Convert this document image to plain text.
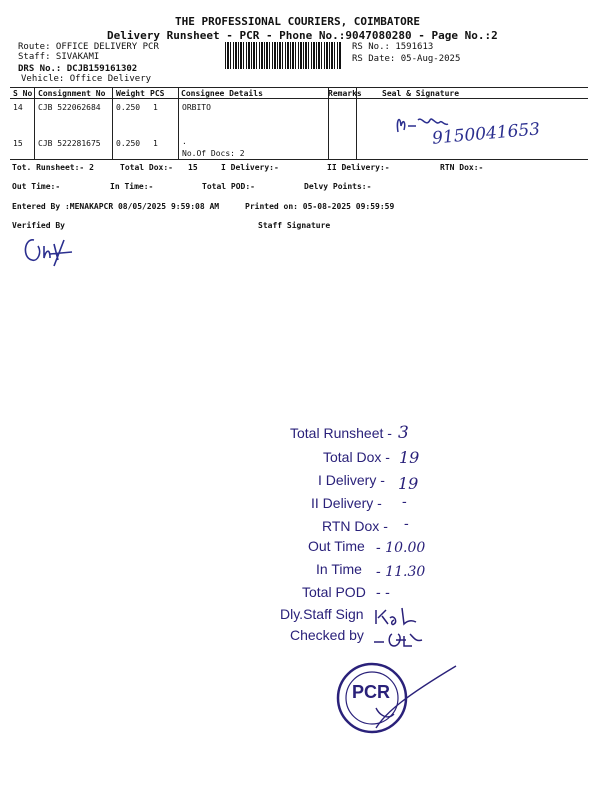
THE PROFESSIONAL COURIERS, COIMBATORE
Delivery Runsheet - PCR - Phone No.:9047080280 - Page No.:2
Route: OFFICE DELIVERY PCR
Staff: SIVAKAMI
DRS No.: DCJB159161302
Vehicle: Office Delivery
RS No.: 1591613
RS Date: 05-Aug-2025
S No Consignment No Weight PCS Consignee Details	Remarks	Seal & Signature
14 CJB 522062684 0.250 1	ORBITO
15 CJB 522281675 0.250 1	.
No.Of Docs: 2
9150041653
Tot. Runsheet:- 2	Total Dox:- 15	I Delivery:-	II Delivery:-	RTN Dox:-
Out Time:-	In Time:-	Total POD:-	Delvy Points:-
Entered By :MENAKAPCR 08/05/2025 9:59:08 AM	Printed on: 05-08-2025 09:59:59
Verified By	Staff Signature
Total Runsheet - 3
Total Dox - 19
I Delivery - 19
II Delivery - -
RTN Dox - -
Out Time - 10.00
In Time - 11.30
Total POD - -
Dly.Staff Sign
Checked by
PCR
